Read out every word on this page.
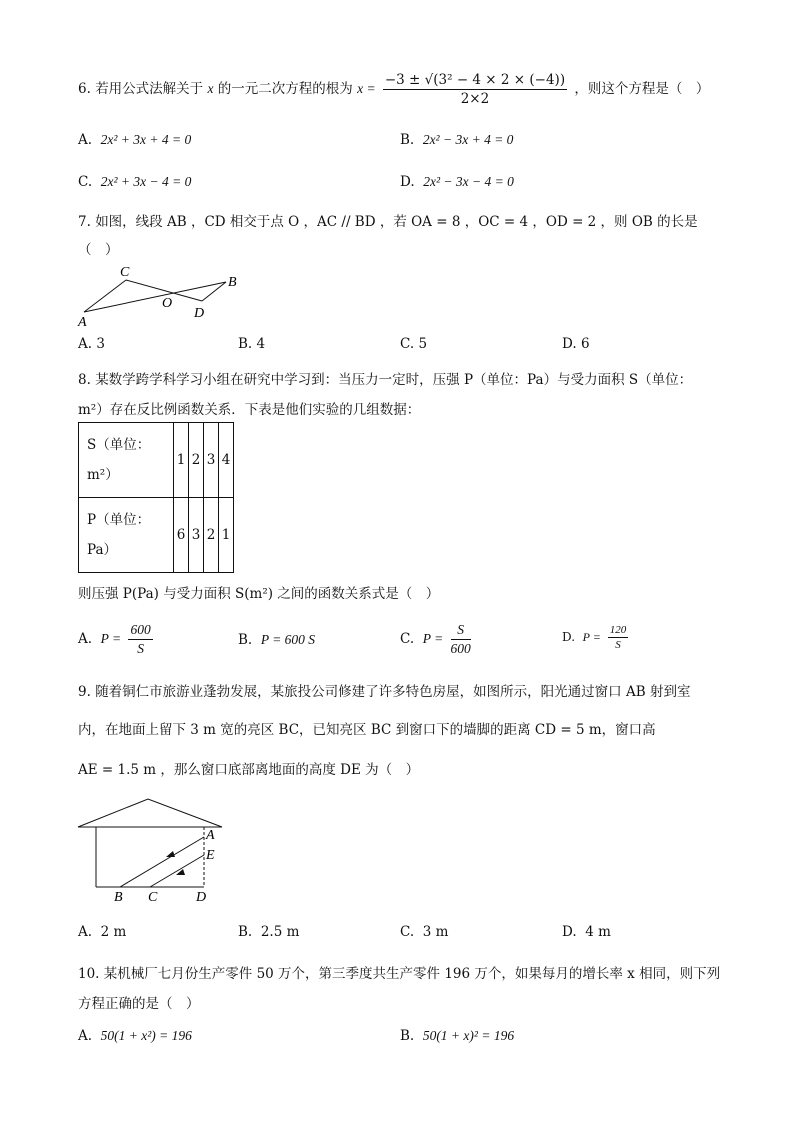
6. 若用公式法解关于 x 的一元二次方程的根为 $x = \frac{\text{−3 ± √(3² − 4 × 2 × (−4))}}{2\times 2}$ ，则这个方程是（　）
A. 2x² + 3x + 4 = 0	B. 2x² − 3x + 4 = 0
C. 2x² + 3x − 4 = 0	D. 2x² − 3x − 4 = 0
7. 如图，线段 AB ，CD 相交于点 O ，AC // BD ，若 OA = 8 ，OC = 4 ，OD = 2 ，则 OB 的长是
（　）
C
B
O
D
A
A. 3	B. 4	C. 5	D. 6
8. 某数学跨学科学习小组在研究中学习到：当压力一定时，压强 P（单位：Pa）与受力面积 S（单位：
m²）存在反比例函数关系．下表是他们实验的几组数据：
S（单位：
m²）	1	2	3	4

P（单位：
Pa）	6	3	2	1
则压强 P(Pa) 与受力面积 S(m²) 之间的函数关系式是（　）
A. $P = \frac{600}{S}$	B. P = 600 S	C. $P = \frac{S}{600}$	D. $P = \frac{120}{S}$
9. 随着铜仁市旅游业蓬勃发展，某旅投公司修建了许多特色房屋，如图所示，阳光通过窗口 AB 射到室
内，在地面上留下 3 m 宽的亮区 BC，已知亮区 BC 到窗口下的墙脚的距离 CD = 5 m，窗口高
AE = 1.5 m ，那么窗口底部离地面的高度 DE 为（　）
A
E
B C	D
A. 2 m	B. 2.5 m	C. 3 m	D. 4 m
10. 某机械厂七月份生产零件 50 万个，第三季度共生产零件 196 万个，如果每月的增长率 x 相同，则下列
方程正确的是（　）
A. 50(1 + x²) = 196	B. 50(1 + x)² = 196
